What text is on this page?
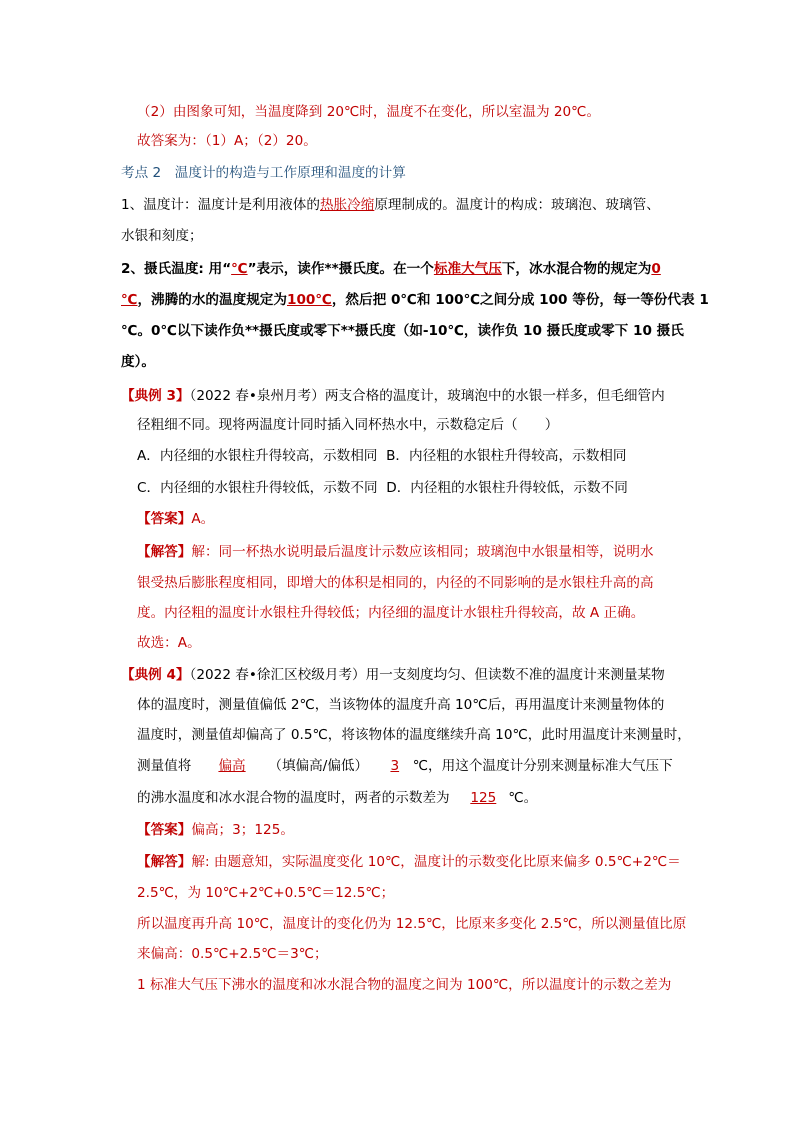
（2）由图象可知，当温度降到 20℃时，温度不在变化，所以室温为 20℃。
故答案为：（1）A；（2）20。
考点 2　温度计的构造与工作原理和温度的计算
1、温度计：温度计是利用液体的热胀冷缩原理制成的。温度计的构成：玻璃泡、玻璃管、
水银和刻度；
2、摄氏温度: 用“℃”表示，读作**摄氏度。在一个标准大气压下，冰水混合物的规定为0
℃，沸腾的水的温度规定为100℃，然后把 0℃和 100℃之间分成 100 等份，每一等份代表 1
℃。0℃以下读作负**摄氏度或零下**摄氏度（如-10℃，读作负 10 摄氏度或零下 10 摄氏
度）。
【典例 3】（2022 春•泉州月考）两支合格的温度计，玻璃泡中的水银一样多，但毛细管内
径粗细不同。现将两温度计同时插入同杯热水中，示数稳定后（　　）
A．内径细的水银柱升得较高，示数相同 B．内径粗的水银柱升得较高，示数相同
C．内径细的水银柱升得较低，示数不同 D．内径粗的水银柱升得较低，示数不同
【答案】A。
【解答】解：同一杯热水说明最后温度计示数应该相同；玻璃泡中水银量相等，说明水
银受热后膨胀程度相同，即增大的体积是相同的，内径的不同影响的是水银柱升高的高
度。内径粗的温度计水银柱升得较低；内径细的温度计水银柱升得较高，故 A 正确。
故选：A。
【典例 4】（2022 春•徐汇区校级月考）用一支刻度均匀、但读数不准的温度计来测量某物
体的温度时，测量值偏低 2℃，当该物体的温度升高 10℃后，再用温度计来测量物体的
温度时，测量值却偏高了 0.5℃，将该物体的温度继续升高 10℃，此时用温度计来测量时，
测量值将 偏高 （填偏高/偏低） 3 ℃，用这个温度计分别来测量标准大气压下
的沸水温度和冰水混合物的温度时，两者的示数差为 125 ℃。
【答案】偏高；3；125。
【解答】解: 由题意知，实际温度变化 10℃，温度计的示数变化比原来偏多 0.5℃+2℃＝
2.5℃，为 10℃+2℃+0.5℃＝12.5℃；
所以温度再升高 10℃，温度计的变化仍为 12.5℃，比原来多变化 2.5℃，所以测量值比原
来偏高：0.5℃+2.5℃＝3℃；
1 标准大气压下沸水的温度和冰水混合物的温度之间为 100℃，所以温度计的示数之差为
